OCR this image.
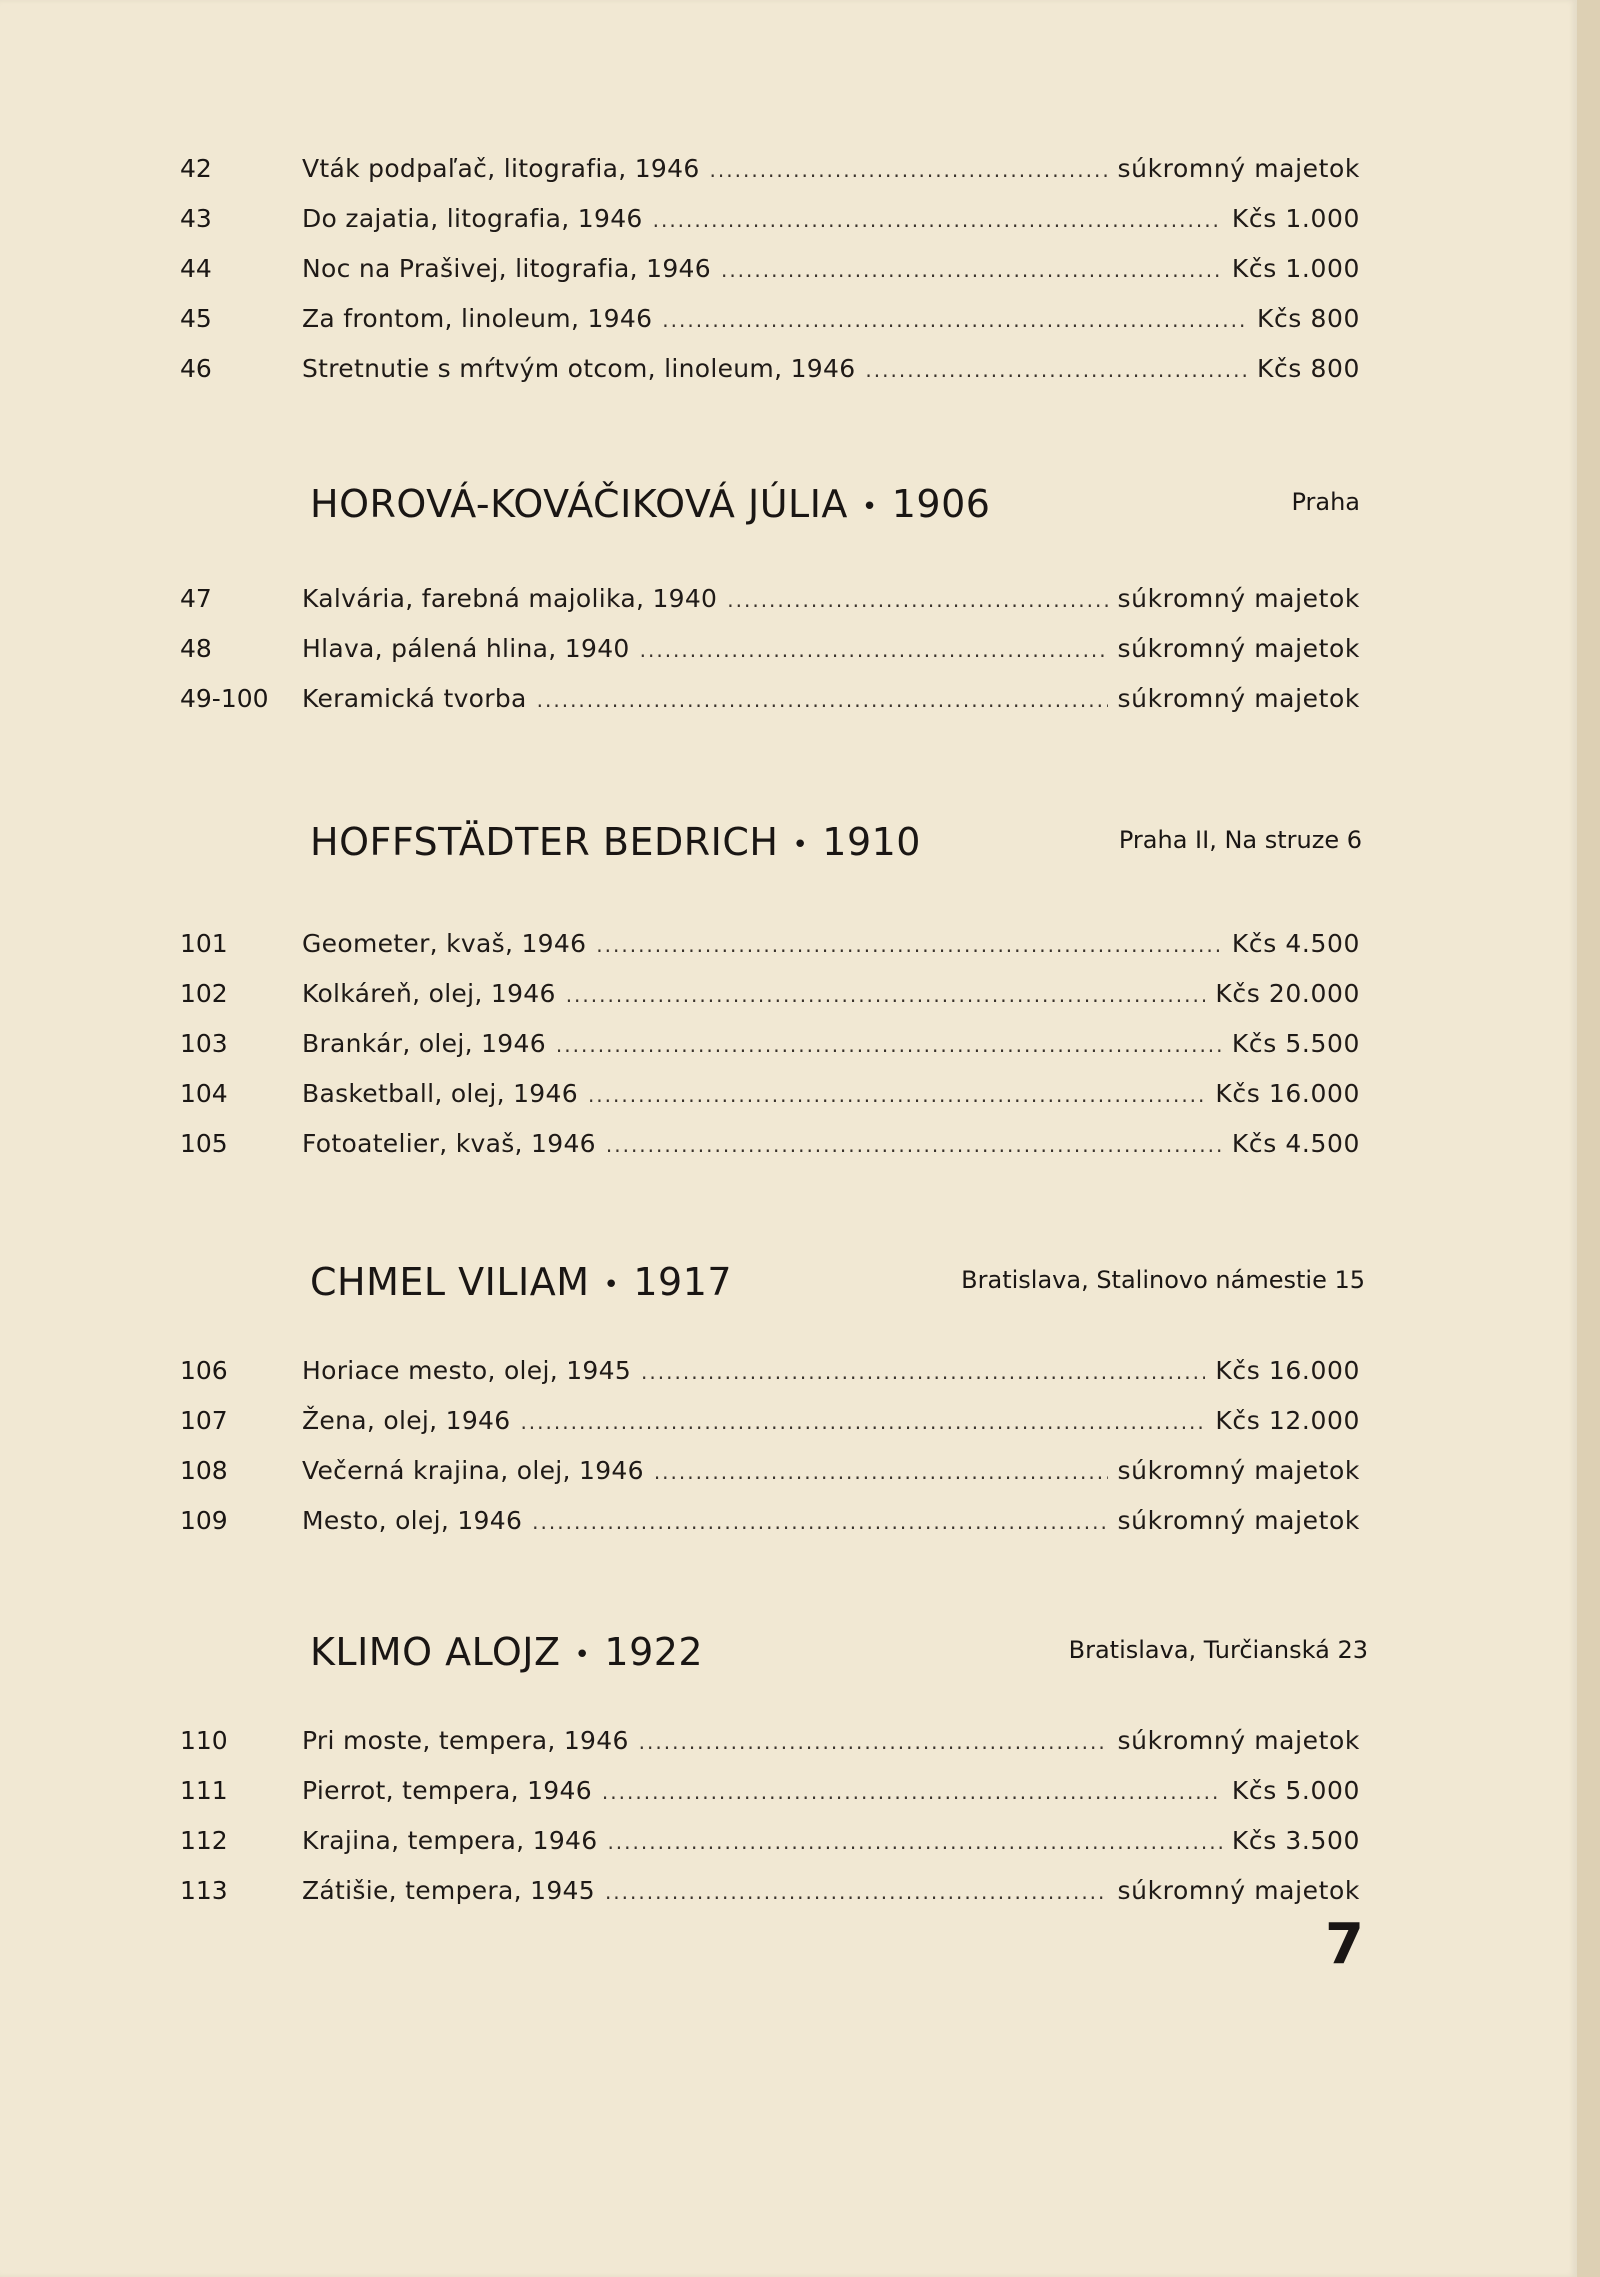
42	Vták podpaľač, litografia, 1946 .....	súkromný majetok
43	Do zajatia, litografia, 1946 .....	Kčs 1.000
44	Noc na Prašivej, litografia, 1946 .....	Kčs 1.000
45	Za frontom, linoleum, 1946 .....	Kčs 800
46	Stretnutie s mŕtvým otcom, linoleum, 1946 .....	Kčs 800
HOROVÁ-KOVÁČIKOVÁ JÚLIA • 1906	Praha
47	Kalvária, farebná majolika, 1940 .....	súkromný majetok
48	Hlava, pálená hlina, 1940 .....	súkromný majetok
49-100	Keramická tvorba .....	súkromný majetok
HOFFSTÄDTER BEDRICH • 1910	Praha II, Na struze 6
101	Geometer, kvaš, 1946 .....	Kčs 4.500
102	Kolkáreň, olej, 1946 .....	Kčs 20.000
103	Brankár, olej, 1946 .....	Kčs 5.500
104	Basketball, olej, 1946 .....	Kčs 16.000
105	Fotoatelier, kvaš, 1946 .....	Kčs 4.500
CHMEL VILIAM • 1917	Bratislava, Stalinovo námestie 15
106	Horiace mesto, olej, 1945 .....	Kčs 16.000
107	Žena, olej, 1946 .....	Kčs 12.000
108	Večerná krajina, olej, 1946 .....	súkromný majetok
109	Mesto, olej, 1946 .....	súkromný majetok
KLIMO ALOJZ • 1922	Bratislava, Turčianská 23
110	Pri moste, tempera, 1946 .....	súkromný majetok
111	Pierrot, tempera, 1946 .....	Kčs 5.000
112	Krajina, tempera, 1946 .....	Kčs 3.500
113	Zátišie, tempera, 1945 .....	súkromný majetok
7
